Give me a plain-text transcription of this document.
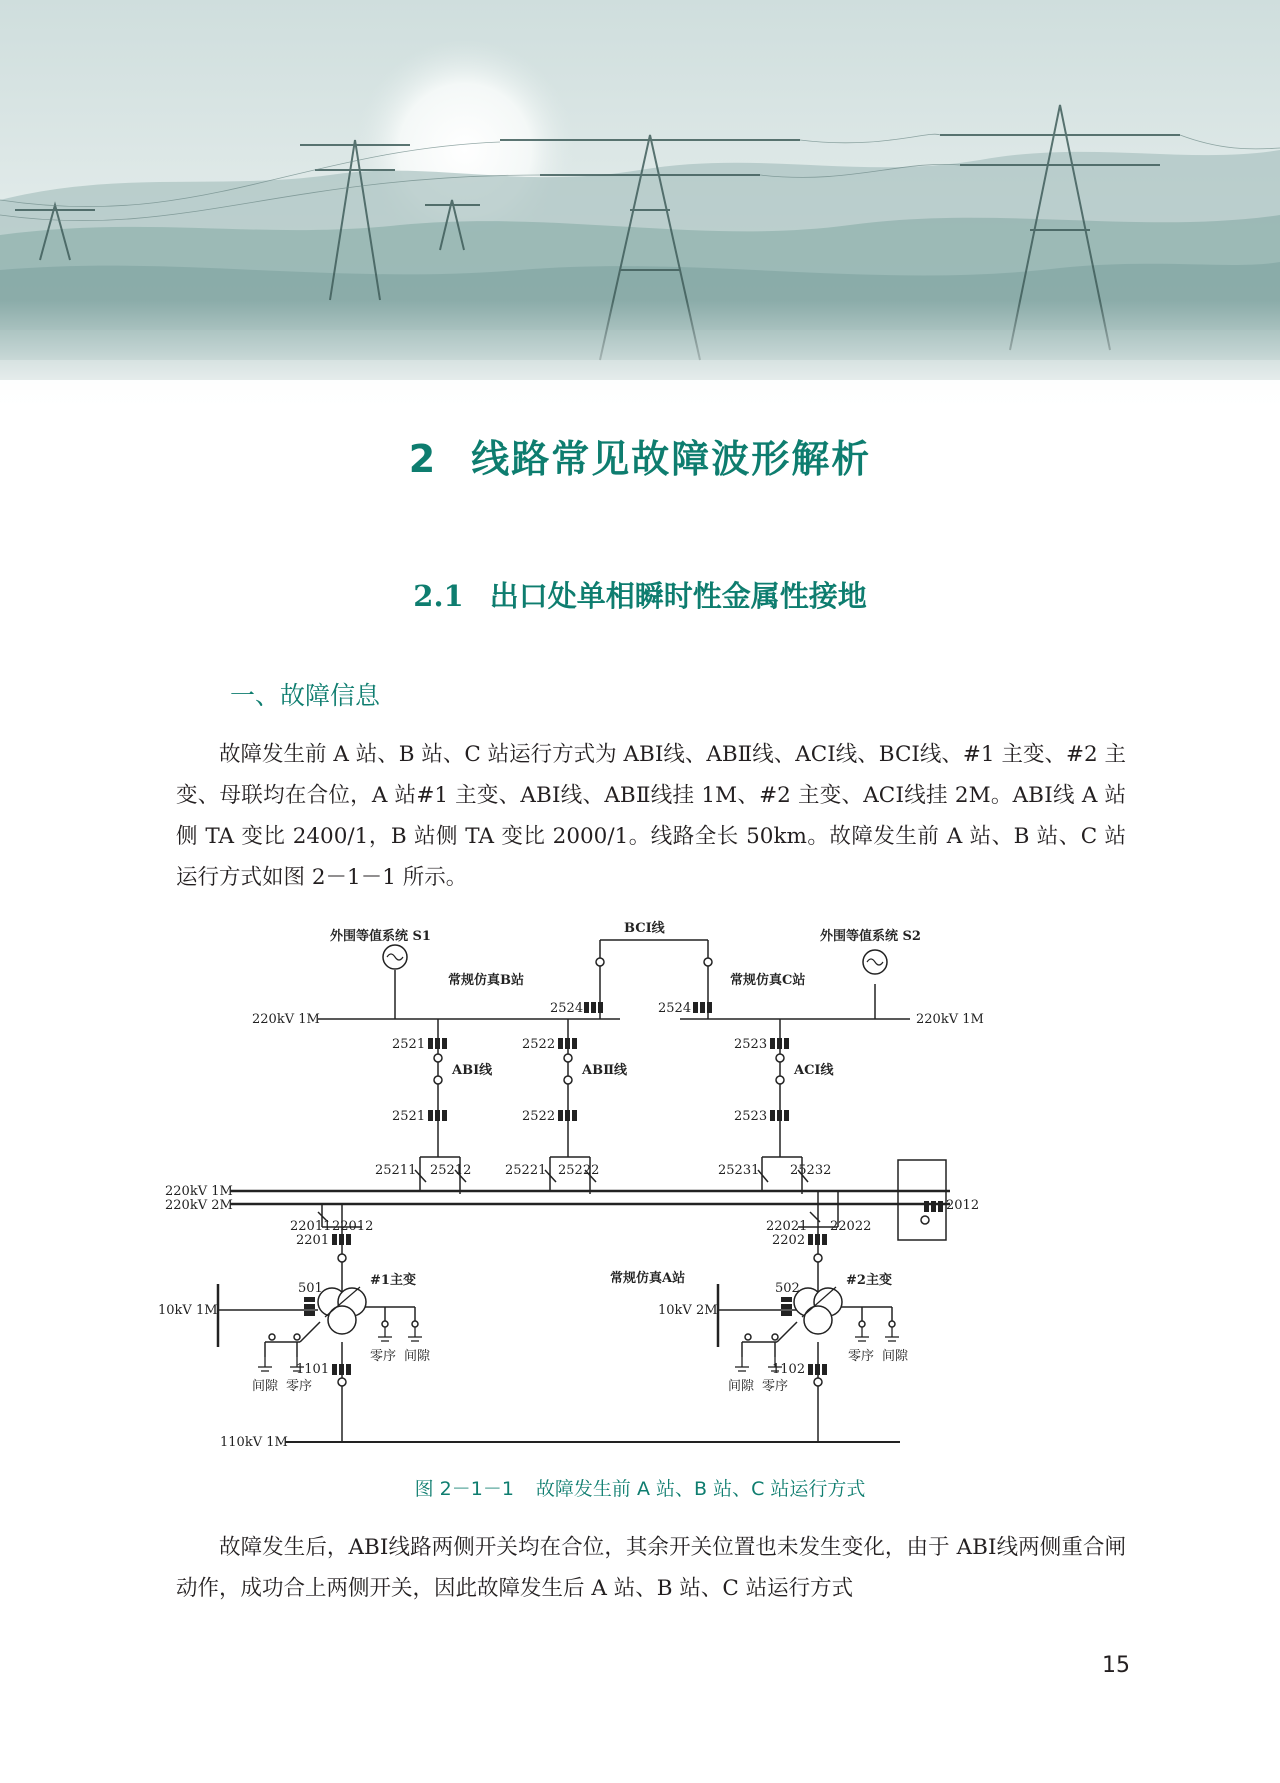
2 线路常见故障波形解析
2.1 出口处单相瞬时性金属性接地
一、故障信息

故障发生前 A 站、B 站、C 站运行方式为 ABⅠ线、ABⅡ线、ACⅠ线、BCⅠ线、#1 主变、#2 主变、母联均在合位，A 站#1 主变、ABⅠ线、ABⅡ线挂 1M、#2 主变、ACⅠ线挂 2M。ABⅠ线 A 站侧 TA 变比 2400/1，B 站侧 TA 变比 2000/1。线路全长 50km。故障发生前 A 站、B 站、C 站运行方式如图 2－1－1 所示。

外围等值系统 S1	外围等值系统 S2
常规仿真B站	常规仿真C站
BCⅠ线
ABⅠ线	ABⅡ线	ACⅠ线
220kV 1M	220kV 1M
220kV 1M
220kV 2M
10kV 1M	10kV 2M
110kV 1M
常规仿真A站
2524	2524
2521	2522	2523
2521	2522	2523
25211 25212	25221 25222	25231 25232
2012
22011 22012	22021 22022
2201	2202
501	502
1101	1102
#1主变	#2主变
间隙 零序
零序 间隙
间隙 零序
零序 间隙
图 2－1－1 故障发生前 A 站、B 站、C 站运行方式

故障发生后，ABⅠ线路两侧开关均在合位，其余开关位置也未发生变化，由于 ABⅠ线两侧重合闸动作，成功合上两侧开关，因此故障发生后 A 站、B 站、C 站运行方式

15
